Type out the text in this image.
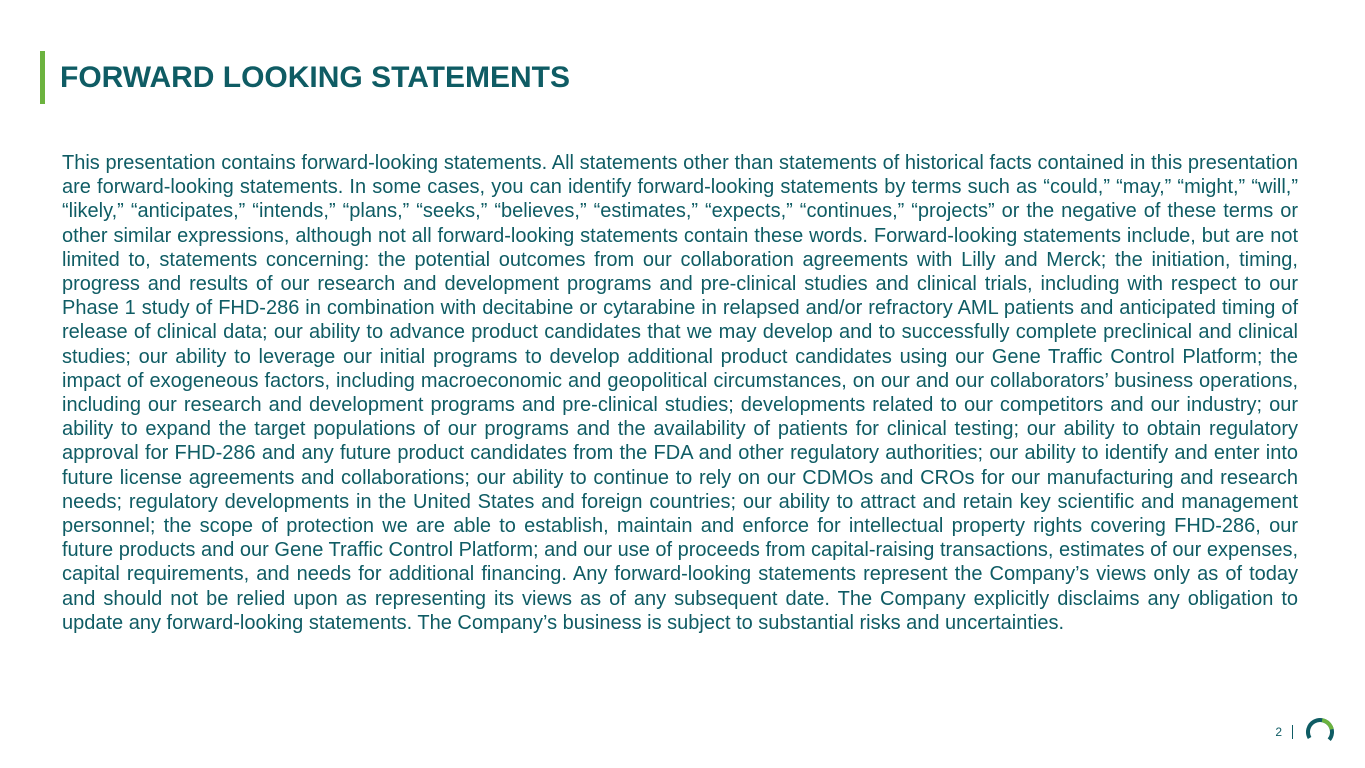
FORWARD LOOKING STATEMENTS

This presentation contains forward-looking statements. All statements other than statements of historical facts contained in this presentation are forward-looking statements. In some cases, you can identify forward-looking statements by terms such as “could,” “may,” “might,” “will,” “likely,” “anticipates,” “intends,” “plans,” “seeks,” “believes,” “estimates,” “expects,” “continues,” “projects” or the negative of these terms or other similar expressions, although not all forward-looking statements contain these words. Forward-looking statements include, but are not limited to, statements concerning: the potential outcomes from our collaboration agreements with Lilly and Merck; the initiation, timing, progress and results of our research and development programs and pre-clinical studies and clinical trials, including with respect to our Phase 1 study of FHD-286 in combination with decitabine or cytarabine in relapsed and/or refractory AML patients and anticipated timing of release of clinical data; our ability to advance product candidates that we may develop and to successfully complete preclinical and clinical studies; our ability to leverage our initial programs to develop additional product candidates using our Gene Traffic Control Platform; the impact of exogeneous factors, including macroeconomic and geopolitical circumstances, on our and our collaborators’ business operations, including our research and development programs and pre-clinical studies; developments related to our competitors and our industry; our ability to expand the target populations of our programs and the availability of patients for clinical testing; our ability to obtain regulatory approval for FHD-286 and any future product candidates from the FDA and other regulatory authorities; our ability to identify and enter into future license agreements and collaborations; our ability to continue to rely on our CDMOs and CROs for our manufacturing and research needs; regulatory developments in the United States and foreign countries; our ability to attract and retain key scientific and management personnel; the scope of protection we are able to establish, maintain and enforce for intellectual property rights covering FHD-286, our future products and our Gene Traffic Control Platform; and our use of proceeds from capital-raising transactions, estimates of our expenses, capital requirements, and needs for additional financing. Any forward-looking statements represent the Company’s views only as of today and should not be relied upon as representing its views as of any subsequent date. The Company explicitly disclaims any obligation to update any forward-looking statements. The Company’s business is subject to substantial risks and uncertainties.

2
